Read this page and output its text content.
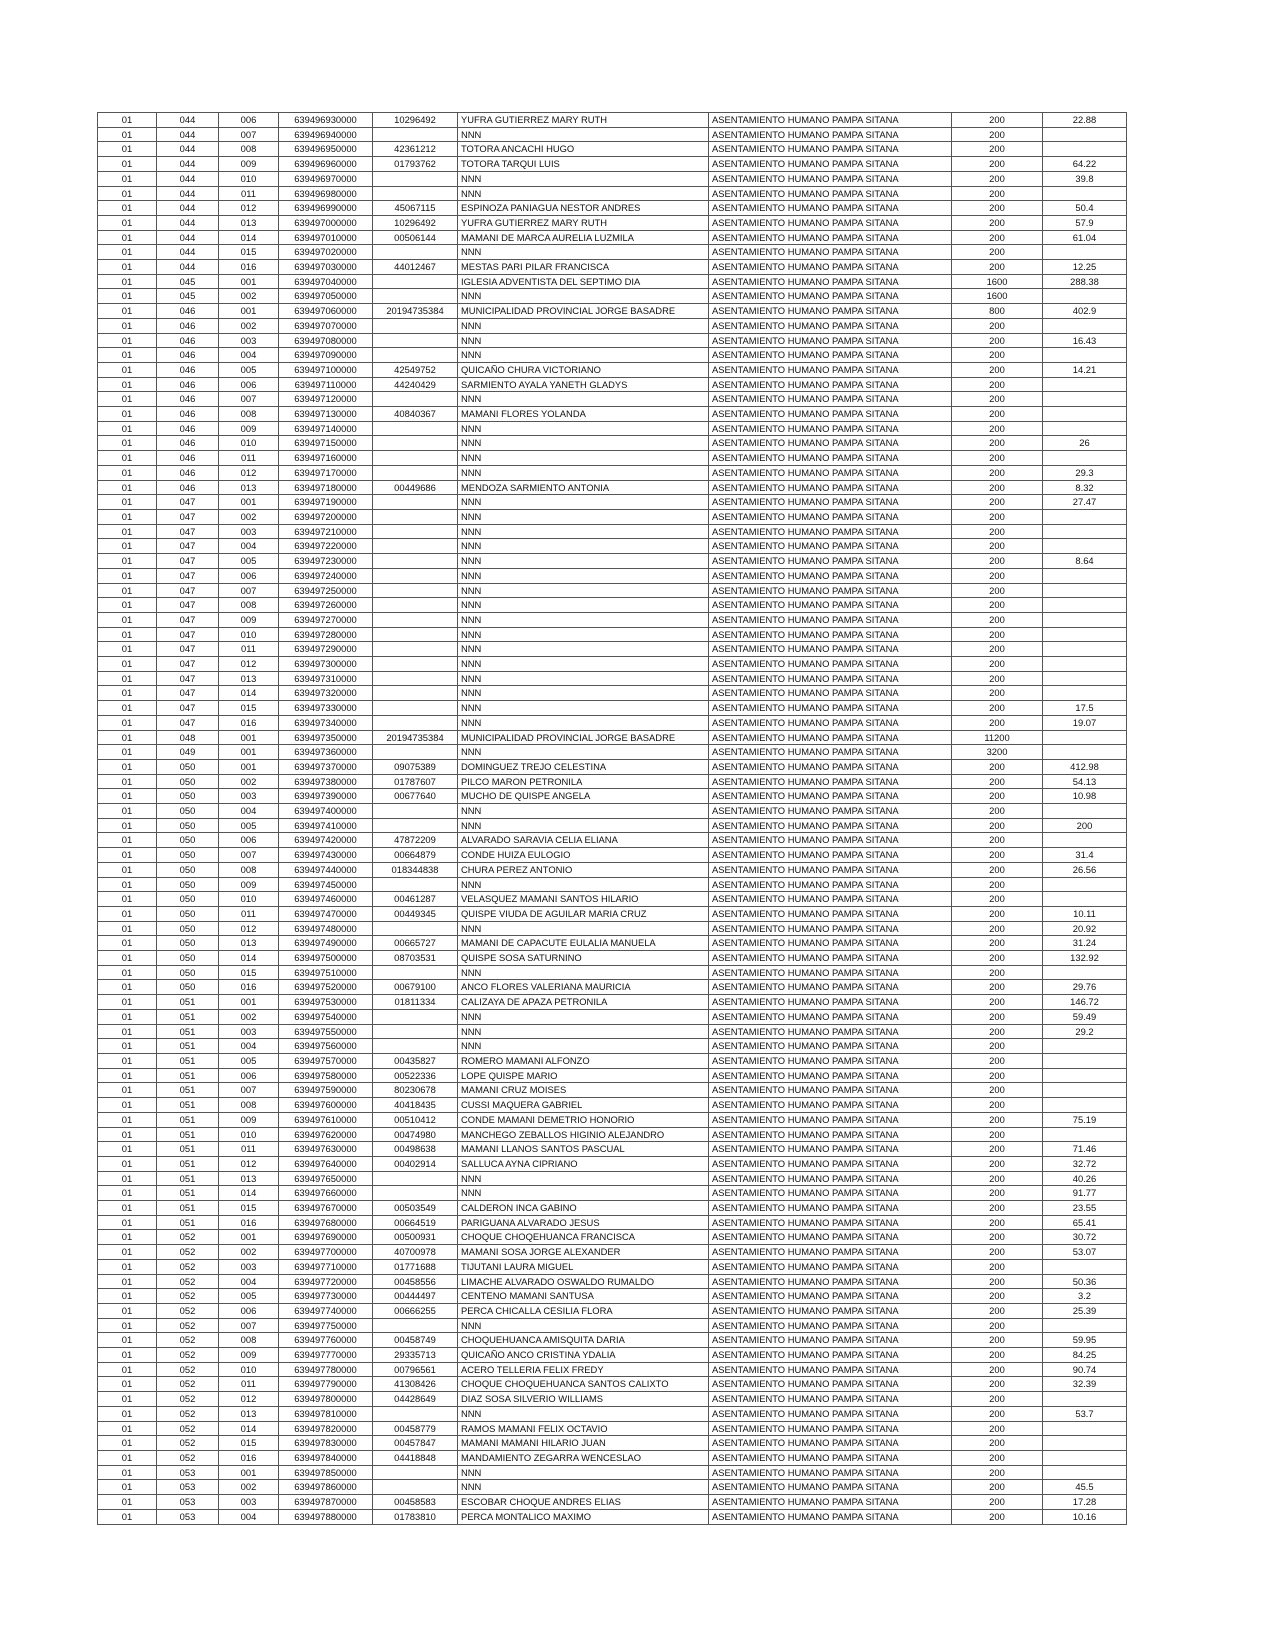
01	044	006	639496930000	10296492	YUFRA GUTIERREZ MARY RUTH	ASENTAMIENTO HUMANO PAMPA SITANA	200	22.88
01	044	007	639496940000		NNN	ASENTAMIENTO HUMANO PAMPA SITANA	200	
01	044	008	639496950000	42361212	TOTORA ANCACHI HUGO	ASENTAMIENTO HUMANO PAMPA SITANA	200	
01	044	009	639496960000	01793762	TOTORA TARQUI LUIS	ASENTAMIENTO HUMANO PAMPA SITANA	200	64.22
01	044	010	639496970000		NNN	ASENTAMIENTO HUMANO PAMPA SITANA	200	39.8
01	044	011	639496980000		NNN	ASENTAMIENTO HUMANO PAMPA SITANA	200	
01	044	012	639496990000	45067115	ESPINOZA PANIAGUA NESTOR ANDRES	ASENTAMIENTO HUMANO PAMPA SITANA	200	50.4
01	044	013	639497000000	10296492	YUFRA GUTIERREZ MARY RUTH	ASENTAMIENTO HUMANO PAMPA SITANA	200	57.9
01	044	014	639497010000	00506144	MAMANI DE MARCA AURELIA LUZMILA	ASENTAMIENTO HUMANO PAMPA SITANA	200	61.04
01	044	015	639497020000		NNN	ASENTAMIENTO HUMANO PAMPA SITANA	200	
01	044	016	639497030000	44012467	MESTAS PARI PILAR FRANCISCA	ASENTAMIENTO HUMANO PAMPA SITANA	200	12.25
01	045	001	639497040000		IGLESIA ADVENTISTA DEL SEPTIMO DIA	ASENTAMIENTO HUMANO PAMPA SITANA	1600	288.38
01	045	002	639497050000		NNN	ASENTAMIENTO HUMANO PAMPA SITANA	1600	
01	046	001	639497060000	20194735384	MUNICIPALIDAD PROVINCIAL JORGE BASADRE	ASENTAMIENTO HUMANO PAMPA SITANA	800	402.9
01	046	002	639497070000		NNN	ASENTAMIENTO HUMANO PAMPA SITANA	200	
01	046	003	639497080000		NNN	ASENTAMIENTO HUMANO PAMPA SITANA	200	16.43
01	046	004	639497090000		NNN	ASENTAMIENTO HUMANO PAMPA SITANA	200	
01	046	005	639497100000	42549752	QUICAÑO CHURA VICTORIANO	ASENTAMIENTO HUMANO PAMPA SITANA	200	14.21
01	046	006	639497110000	44240429	SARMIENTO AYALA YANETH GLADYS	ASENTAMIENTO HUMANO PAMPA SITANA	200	
01	046	007	639497120000		NNN	ASENTAMIENTO HUMANO PAMPA SITANA	200	
01	046	008	639497130000	40840367	MAMANI FLORES YOLANDA	ASENTAMIENTO HUMANO PAMPA SITANA	200	
01	046	009	639497140000		NNN	ASENTAMIENTO HUMANO PAMPA SITANA	200	
01	046	010	639497150000		NNN	ASENTAMIENTO HUMANO PAMPA SITANA	200	26
01	046	011	639497160000		NNN	ASENTAMIENTO HUMANO PAMPA SITANA	200	
01	046	012	639497170000		NNN	ASENTAMIENTO HUMANO PAMPA SITANA	200	29.3
01	046	013	639497180000	00449686	MENDOZA SARMIENTO ANTONIA	ASENTAMIENTO HUMANO PAMPA SITANA	200	8.32
01	047	001	639497190000		NNN	ASENTAMIENTO HUMANO PAMPA SITANA	200	27.47
01	047	002	639497200000		NNN	ASENTAMIENTO HUMANO PAMPA SITANA	200	
01	047	003	639497210000		NNN	ASENTAMIENTO HUMANO PAMPA SITANA	200	
01	047	004	639497220000		NNN	ASENTAMIENTO HUMANO PAMPA SITANA	200	
01	047	005	639497230000		NNN	ASENTAMIENTO HUMANO PAMPA SITANA	200	8.64
01	047	006	639497240000		NNN	ASENTAMIENTO HUMANO PAMPA SITANA	200	
01	047	007	639497250000		NNN	ASENTAMIENTO HUMANO PAMPA SITANA	200	
01	047	008	639497260000		NNN	ASENTAMIENTO HUMANO PAMPA SITANA	200	
01	047	009	639497270000		NNN	ASENTAMIENTO HUMANO PAMPA SITANA	200	
01	047	010	639497280000		NNN	ASENTAMIENTO HUMANO PAMPA SITANA	200	
01	047	011	639497290000		NNN	ASENTAMIENTO HUMANO PAMPA SITANA	200	
01	047	012	639497300000		NNN	ASENTAMIENTO HUMANO PAMPA SITANA	200	
01	047	013	639497310000		NNN	ASENTAMIENTO HUMANO PAMPA SITANA	200	
01	047	014	639497320000		NNN	ASENTAMIENTO HUMANO PAMPA SITANA	200	
01	047	015	639497330000		NNN	ASENTAMIENTO HUMANO PAMPA SITANA	200	17.5
01	047	016	639497340000		NNN	ASENTAMIENTO HUMANO PAMPA SITANA	200	19.07
01	048	001	639497350000	20194735384	MUNICIPALIDAD PROVINCIAL JORGE BASADRE	ASENTAMIENTO HUMANO PAMPA SITANA	11200	
01	049	001	639497360000		NNN	ASENTAMIENTO HUMANO PAMPA SITANA	3200	
01	050	001	639497370000	09075389	DOMINGUEZ TREJO CELESTINA	ASENTAMIENTO HUMANO PAMPA SITANA	200	412.98
01	050	002	639497380000	01787607	PILCO MARON PETRONILA	ASENTAMIENTO HUMANO PAMPA SITANA	200	54.13
01	050	003	639497390000	00677640	MUCHO DE QUISPE ANGELA	ASENTAMIENTO HUMANO PAMPA SITANA	200	10.98
01	050	004	639497400000		NNN	ASENTAMIENTO HUMANO PAMPA SITANA	200	
01	050	005	639497410000		NNN	ASENTAMIENTO HUMANO PAMPA SITANA	200	200
01	050	006	639497420000	47872209	ALVARADO SARAVIA CELIA ELIANA	ASENTAMIENTO HUMANO PAMPA SITANA	200	
01	050	007	639497430000	00664879	CONDE HUIZA EULOGIO	ASENTAMIENTO HUMANO PAMPA SITANA	200	31.4
01	050	008	639497440000	018344838	CHURA PEREZ ANTONIO	ASENTAMIENTO HUMANO PAMPA SITANA	200	26.56
01	050	009	639497450000		NNN	ASENTAMIENTO HUMANO PAMPA SITANA	200	
01	050	010	639497460000	00461287	VELASQUEZ MAMANI SANTOS HILARIO	ASENTAMIENTO HUMANO PAMPA SITANA	200	
01	050	011	639497470000	00449345	QUISPE VIUDA DE AGUILAR MARIA CRUZ	ASENTAMIENTO HUMANO PAMPA SITANA	200	10.11
01	050	012	639497480000		NNN	ASENTAMIENTO HUMANO PAMPA SITANA	200	20.92
01	050	013	639497490000	00665727	MAMANI DE CAPACUTE EULALIA MANUELA	ASENTAMIENTO HUMANO PAMPA SITANA	200	31.24
01	050	014	639497500000	08703531	QUISPE SOSA SATURNINO	ASENTAMIENTO HUMANO PAMPA SITANA	200	132.92
01	050	015	639497510000		NNN	ASENTAMIENTO HUMANO PAMPA SITANA	200	
01	050	016	639497520000	00679100	ANCO FLORES VALERIANA MAURICIA	ASENTAMIENTO HUMANO PAMPA SITANA	200	29.76
01	051	001	639497530000	01811334	CALIZAYA DE APAZA PETRONILA	ASENTAMIENTO HUMANO PAMPA SITANA	200	146.72
01	051	002	639497540000		NNN	ASENTAMIENTO HUMANO PAMPA SITANA	200	59.49
01	051	003	639497550000		NNN	ASENTAMIENTO HUMANO PAMPA SITANA	200	29.2
01	051	004	639497560000		NNN	ASENTAMIENTO HUMANO PAMPA SITANA	200	
01	051	005	639497570000	00435827	ROMERO MAMANI ALFONZO	ASENTAMIENTO HUMANO PAMPA SITANA	200	
01	051	006	639497580000	00522336	LOPE QUISPE MARIO	ASENTAMIENTO HUMANO PAMPA SITANA	200	
01	051	007	639497590000	80230678	MAMANI CRUZ MOISES	ASENTAMIENTO HUMANO PAMPA SITANA	200	
01	051	008	639497600000	40418435	CUSSI MAQUERA GABRIEL	ASENTAMIENTO HUMANO PAMPA SITANA	200	
01	051	009	639497610000	00510412	CONDE MAMANI DEMETRIO HONORIO	ASENTAMIENTO HUMANO PAMPA SITANA	200	75.19
01	051	010	639497620000	00474980	MANCHEGO ZEBALLOS HIGINIO ALEJANDRO	ASENTAMIENTO HUMANO PAMPA SITANA	200	
01	051	011	639497630000	00498638	MAMANI LLANOS SANTOS PASCUAL	ASENTAMIENTO HUMANO PAMPA SITANA	200	71.46
01	051	012	639497640000	00402914	SALLUCA AYNA CIPRIANO	ASENTAMIENTO HUMANO PAMPA SITANA	200	32.72
01	051	013	639497650000		NNN	ASENTAMIENTO HUMANO PAMPA SITANA	200	40.26
01	051	014	639497660000		NNN	ASENTAMIENTO HUMANO PAMPA SITANA	200	91.77
01	051	015	639497670000	00503549	CALDERON INCA GABINO	ASENTAMIENTO HUMANO PAMPA SITANA	200	23.55
01	051	016	639497680000	00664519	PARIGUANA ALVARADO JESUS	ASENTAMIENTO HUMANO PAMPA SITANA	200	65.41
01	052	001	639497690000	00500931	CHOQUE CHOQEHUANCA FRANCISCA	ASENTAMIENTO HUMANO PAMPA SITANA	200	30.72
01	052	002	639497700000	40700978	MAMANI SOSA JORGE ALEXANDER	ASENTAMIENTO HUMANO PAMPA SITANA	200	53.07
01	052	003	639497710000	01771688	TIJUTANI LAURA MIGUEL	ASENTAMIENTO HUMANO PAMPA SITANA	200	
01	052	004	639497720000	00458556	LIMACHE ALVARADO OSWALDO RUMALDO	ASENTAMIENTO HUMANO PAMPA SITANA	200	50.36
01	052	005	639497730000	00444497	CENTENO MAMANI SANTUSA	ASENTAMIENTO HUMANO PAMPA SITANA	200	3.2
01	052	006	639497740000	00666255	PERCA CHICALLA CESILIA FLORA	ASENTAMIENTO HUMANO PAMPA SITANA	200	25.39
01	052	007	639497750000		NNN	ASENTAMIENTO HUMANO PAMPA SITANA	200	
01	052	008	639497760000	00458749	CHOQUEHUANCA AMISQUITA DARIA	ASENTAMIENTO HUMANO PAMPA SITANA	200	59.95
01	052	009	639497770000	29335713	QUICAÑO ANCO CRISTINA YDALIA	ASENTAMIENTO HUMANO PAMPA SITANA	200	84.25
01	052	010	639497780000	00796561	ACERO TELLERIA FELIX FREDY	ASENTAMIENTO HUMANO PAMPA SITANA	200	90.74
01	052	011	639497790000	41308426	CHOQUE CHOQUEHUANCA SANTOS CALIXTO	ASENTAMIENTO HUMANO PAMPA SITANA	200	32.39
01	052	012	639497800000	04428649	DIAZ SOSA SILVERIO WILLIAMS	ASENTAMIENTO HUMANO PAMPA SITANA	200	
01	052	013	639497810000		NNN	ASENTAMIENTO HUMANO PAMPA SITANA	200	53.7
01	052	014	639497820000	00458779	RAMOS MAMANI FELIX OCTAVIO	ASENTAMIENTO HUMANO PAMPA SITANA	200	
01	052	015	639497830000	00457847	MAMANI MAMANI HILARIO JUAN	ASENTAMIENTO HUMANO PAMPA SITANA	200	
01	052	016	639497840000	04418848	MANDAMIENTO ZEGARRA WENCESLAO	ASENTAMIENTO HUMANO PAMPA SITANA	200	
01	053	001	639497850000		NNN	ASENTAMIENTO HUMANO PAMPA SITANA	200	
01	053	002	639497860000		NNN	ASENTAMIENTO HUMANO PAMPA SITANA	200	45.5
01	053	003	639497870000	00458583	ESCOBAR CHOQUE ANDRES ELIAS	ASENTAMIENTO HUMANO PAMPA SITANA	200	17.28
01	053	004	639497880000	01783810	PERCA MONTALICO MAXIMO	ASENTAMIENTO HUMANO PAMPA SITANA	200	10.16
